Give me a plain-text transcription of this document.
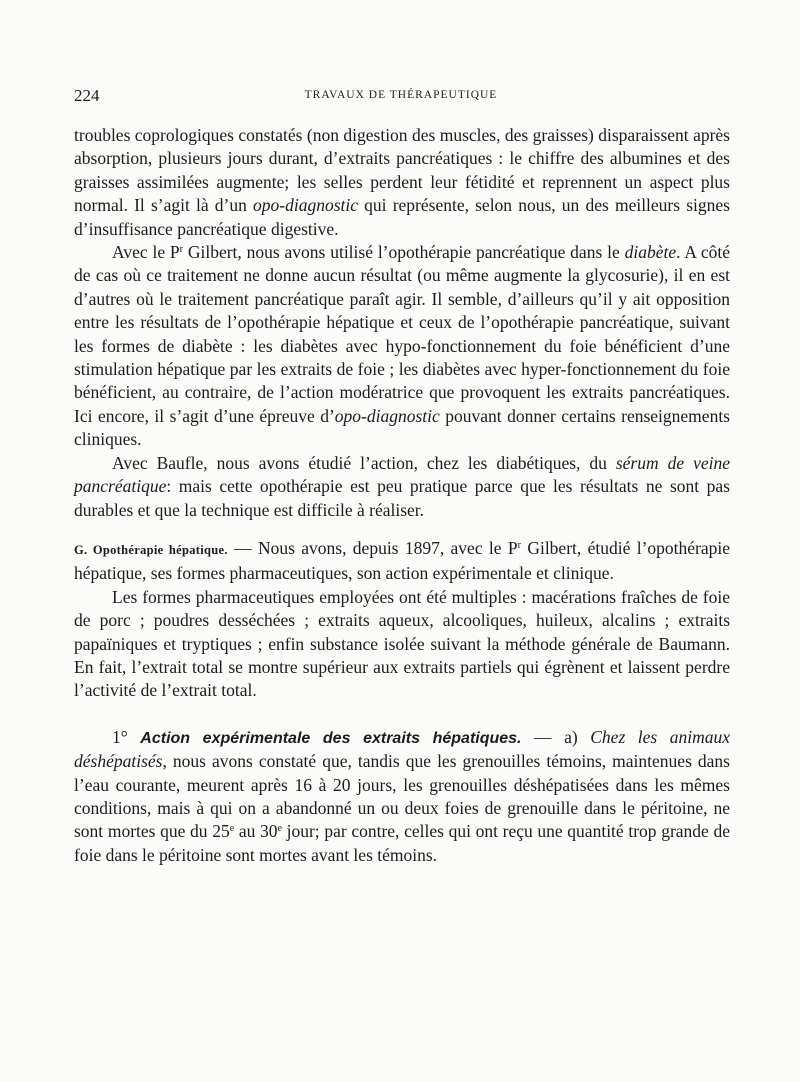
224	TRAVAUX DE THÉRAPEUTIQUE

troubles coprologiques constatés (non digestion des muscles, des graisses) disparaissent après absorption, plusieurs jours durant, d’extraits pancréatiques : le chiffre des albumines et des graisses assimilées augmente; les selles perdent leur fétidité et reprennent un aspect plus normal. Il s’agit là d’un opo-diagnostic qui représente, selon nous, un des meilleurs signes d’insuffisance pancréatique digestive.

Avec le $P^r$ Gilbert, nous avons utilisé l’opothérapie pancréatique dans le diabète. A côté de cas où ce traitement ne donne aucun résultat (ou même augmente la glycosurie), il en est d’autres où le traitement pancréatique paraît agir. Il semble, d’ailleurs qu’il y ait opposition entre les résultats de l’opothérapie hépatique et ceux de l’opothérapie pancréatique, suivant les formes de diabète : les diabètes avec hypo-fonctionnement du foie bénéficient d’une stimulation hépatique par les extraits de foie ; les diabètes avec hyper-fonctionnement du foie bénéficient, au contraire, de l’action modératrice que provoquent les extraits pancréatiques. Ici encore, il s’agit d’une épreuve d’opo-diagnostic pouvant donner certains renseignements cliniques.

Avec Baufle, nous avons étudié l’action, chez les diabétiques, du sérum de veine pancréatique: mais cette opothérapie est peu pratique parce que les résultats ne sont pas durables et que la technique est difficile à réaliser.

G. Opothérapie hépatique. — Nous avons, depuis 1897, avec le $P^r$ Gilbert, étudié l’opothérapie hépatique, ses formes pharmaceutiques, son action expérimentale et clinique.

Les formes pharmaceutiques employées ont été multiples : macérations fraîches de foie de porc ; poudres desséchées ; extraits aqueux, alcooliques, huileux, alcalins ; extraits papaïniques et tryptiques ; enfin substance isolée suivant la méthode générale de Baumann. En fait, l’extrait total se montre supérieur aux extraits partiels qui égrènent et laissent perdre l’activité de l’extrait total.

1° Action expérimentale des extraits hépatiques. — a) Chez les animaux déshépatisés, nous avons constaté que, tandis que les grenouilles témoins, maintenues dans l’eau courante, meurent après 16 à 20 jours, les grenouilles déshépatisées dans les mêmes conditions, mais à qui on a abandonné un ou deux foies de grenouille dans le péritoine, ne sont mortes que du 25e au 30e jour; par contre, celles qui ont reçu une quantité trop grande de foie dans le péritoine sont mortes avant les témoins.
